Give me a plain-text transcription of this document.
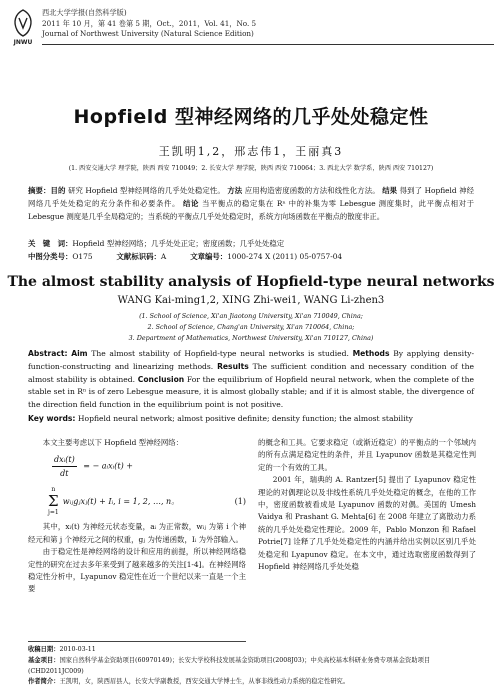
JNWU
西北大学学报(自然科学版)
2011 年 10 月，第 41 卷第 5 期，Oct.，2011，Vol. 41，No. 5
Journal of Northwest University (Natural Science Edition)
Hopfield 型神经网络的几乎处处稳定性
王凯明1,2，邢志伟1，王丽真3
(1. 西安交通大学 理学院，陕西 西安 710049；2. 长安大学 理学院，陕西 西安 710064；3. 西北大学 数学系，陕西 西安 710127)
摘要：目的 研究 Hopfield 型神经网络的几乎处处稳定性。 方法 应用构造密度函数的方法和线性化方法。 结果 得到了 Hopfield 神经网络几乎处处稳定的充分条件和必要条件。 结论 当平衡点的稳定集在 Rⁿ 中的补集为零 Lebesgue 测度集时，此平衡点相对于 Lebesgue 测度是几乎全局稳定的；当系统的平衡点几乎处处稳定时，系统方向场函数在平衡点的散度非正。
关　键　词：Hopfield 型神经网络；几乎处处正定；密度函数；几乎处处稳定
中图分类号：O175	文献标识码：A	文章编号：1000-274 X (2011) 05-0757-04
The almost stability analysis of Hopfield-type neural networks
WANG Kai-ming1,2, XING Zhi-wei1, WANG Li-zhen3
(1. School of Science, Xi'an Jiaotong University, Xi'an 710049, China;
2. School of Science, Chang'an University, Xi'an 710064, China;
3. Department of Mathematics, Northwest University, Xi'an 710127, China)
Abstract: Aim The almost stability of Hopfield-type neural networks is studied. Methods By applying density-function-constructing and linearizing methods. Results The sufficient condition and necessary condition of the almost stability is obtained. Conclusion For the equilibrium of Hopfield neural network, when the complete of the stable set in Rⁿ is of zero Lebesgue measure, it is almost globally stable; and if it is almost stable, the divergence of the direction field function in the equilibrium point is not positive.
Key words: Hopfield neural network; almost positive definite; density function; the almost stability
本文主要考虑以下 Hopfield 型神经网络：
$\frac{\text{dxᵢ(t)}}{dt}$ = − aᵢxᵢ(t) +
n
Σ
j=1
wᵢⱼgⱼxⱼ(t) + Iᵢ, i = 1, 2, …, n。	(1)
其中，xᵢ(t) 为神经元状态变量，aᵢ 为正常数，wᵢⱼ 为第 i 个神经元和第 j 个神经元之间的权重，gⱼ 为传递函数，Iᵢ 为外部输入。
由于稳定性是神经网络的设计和应用的前提，所以神经网络稳定性的研究在过去多年来受到了越来越多的关注[1-4]。在神经网络稳定性分析中，Lyapunov 稳定性在近一个世纪以来一直是一个主要
的概念和工具。它要求稳定（或渐近稳定）的平衡点的一个邻域内的所有点满足稳定性的条件，并且 Lyapunov 函数是其稳定性判定的一个有效的工具。
2001 年，瑞典的 A. Rantzer[5] 提出了 Lyapunov 稳定性理论的对偶理论以及非线性系统几乎处处稳定的概念，在他的工作中，密度函数被看成是 Lyapunov 函数的对偶。美国的 Umesh Vaidya 和 Prashant G. Mehta[6] 在 2008 年建立了离散动力系统的几乎处处稳定性理论。2009 年，Pablo Monzon 和 Rafael Potrie[7] 诠释了几乎处处稳定性的内涵并给出实例以区别几乎处处稳定和 Lyapunov 稳定。在本文中，通过选取密度函数得到了 Hopfield 神经网络几乎处处稳
收稿日期：2010-03-11
基金项目：国家自然科学基金资助项目(60970149)；长安大学校科技发展基金资助项目(2008J03)；中央高校基本科研业务费专项基金资助项目(CHD2011JC009)
作者简介：王凯明，女，陕西眉县人，长安大学副教授，西安交通大学博士生，从事非线性动力系统的稳定性研究。
